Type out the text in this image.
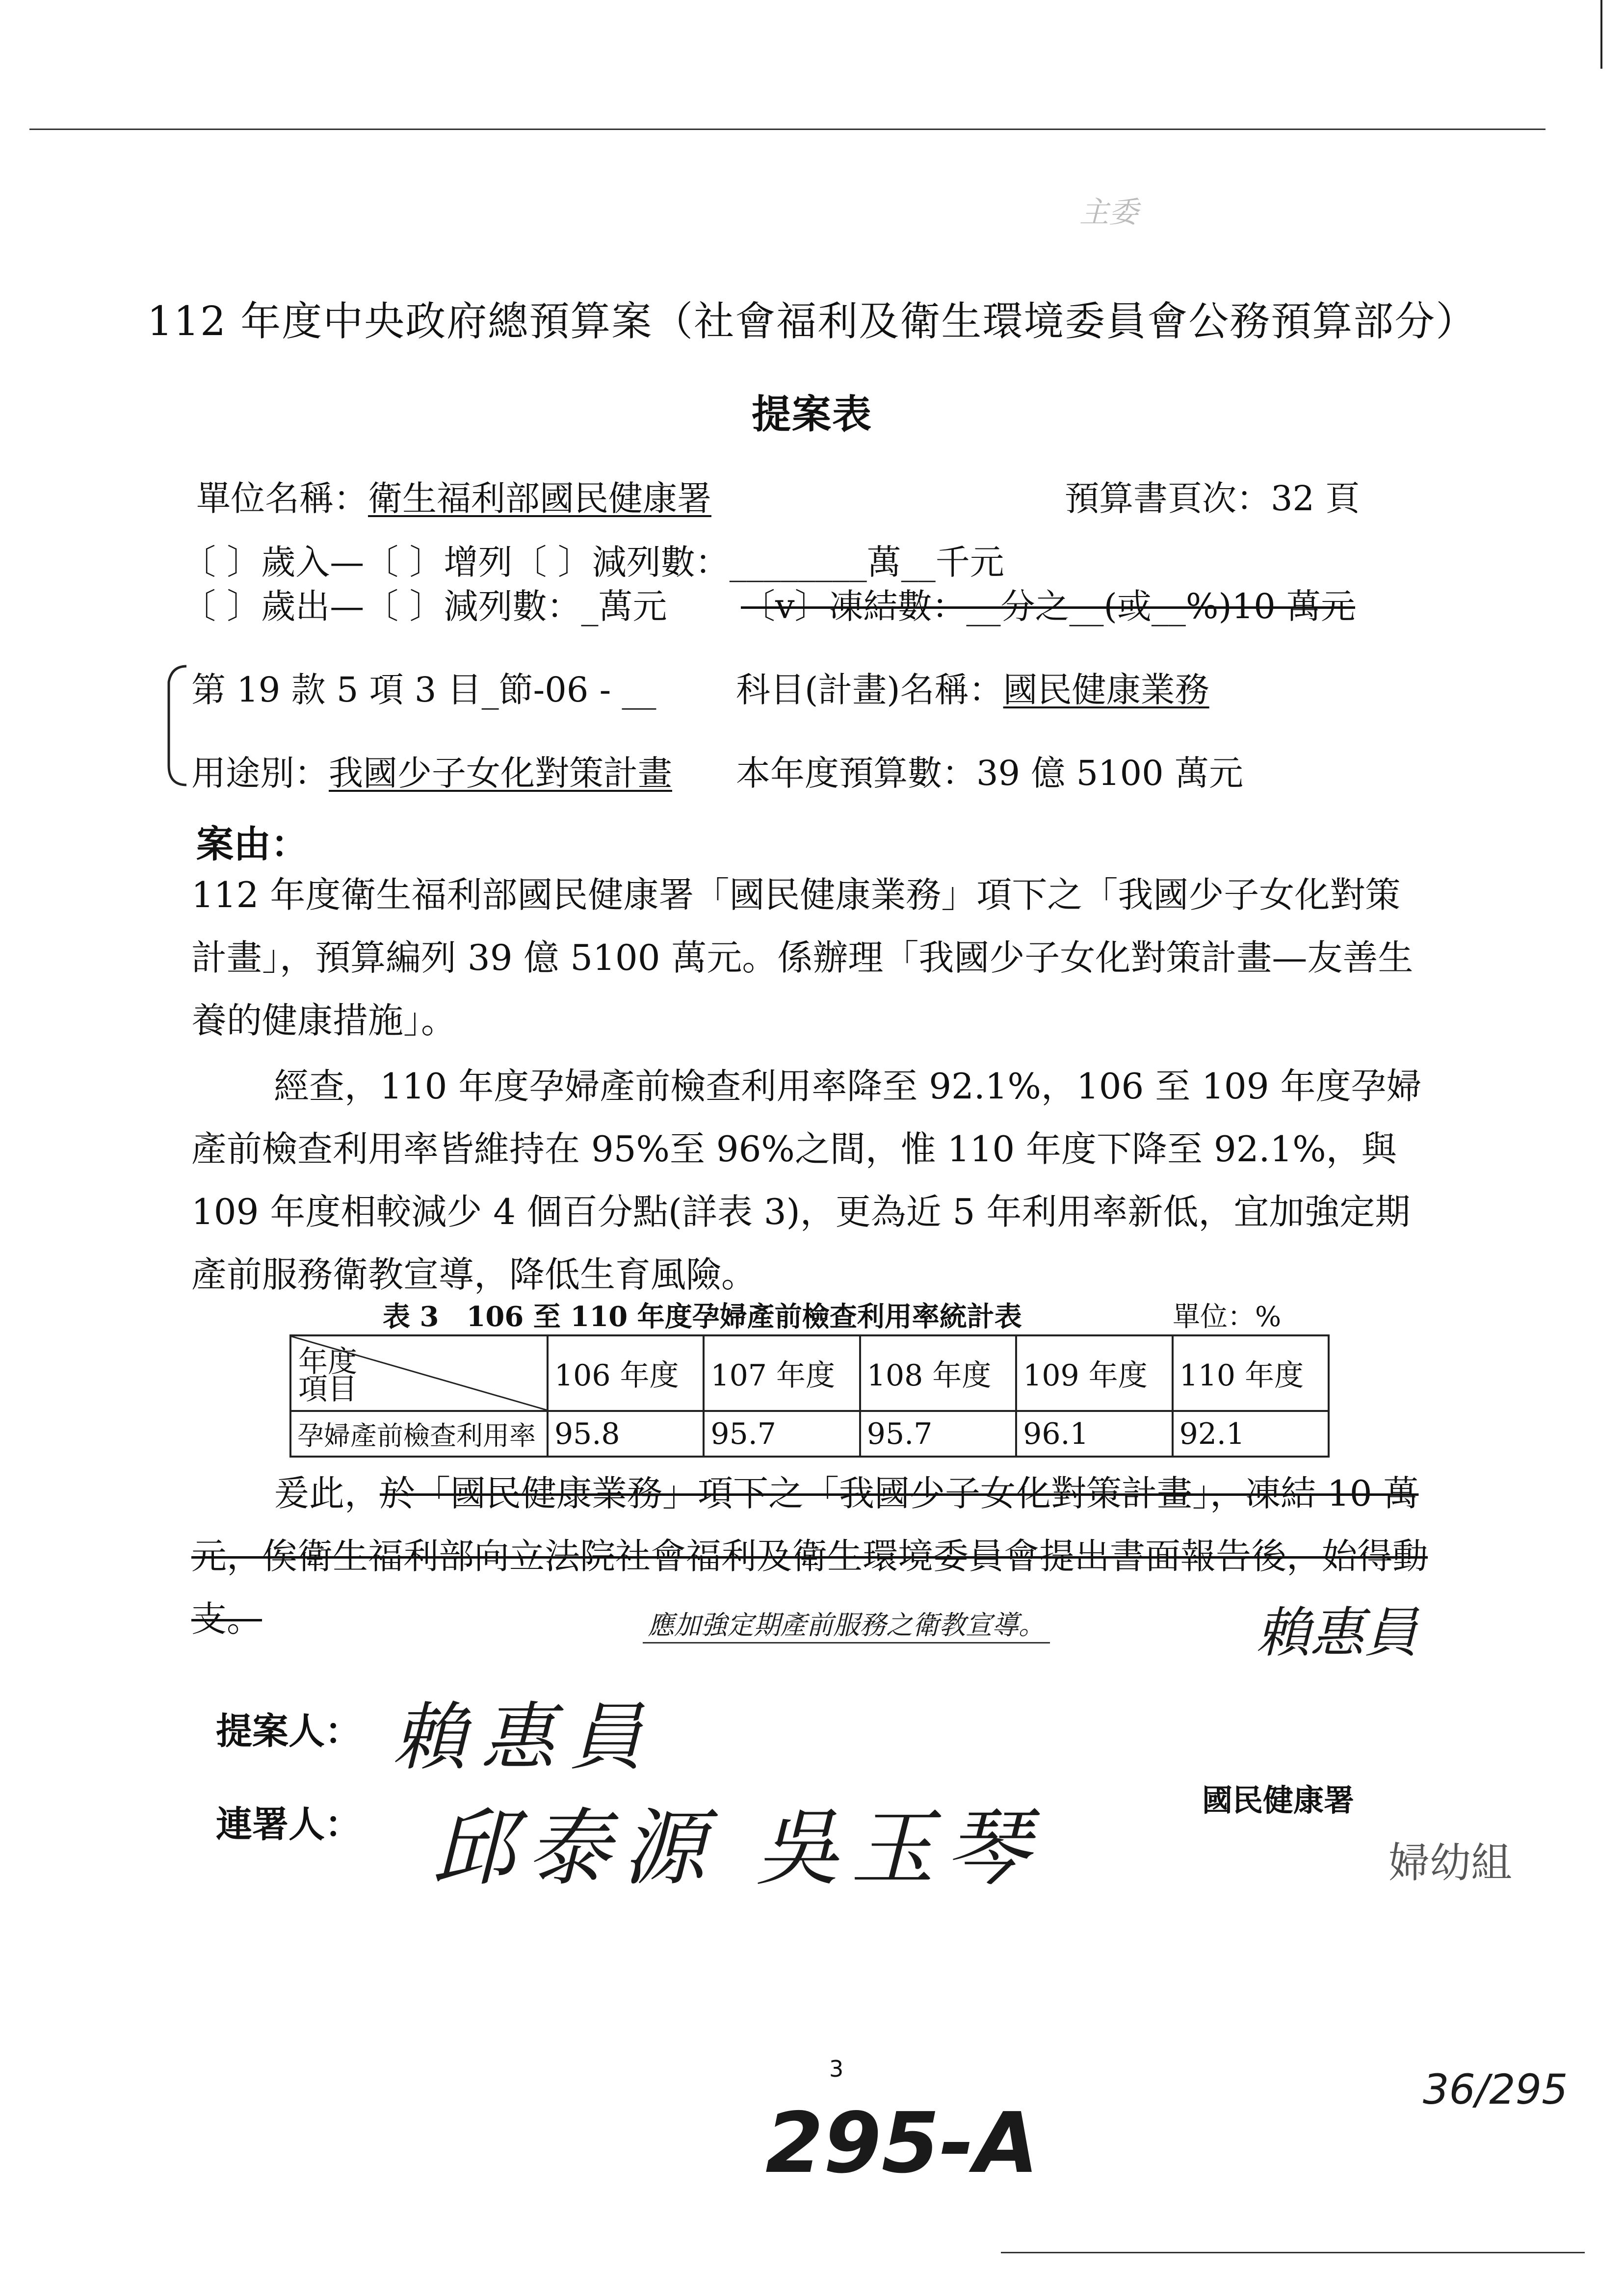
主委
112 年度中央政府總預算案（社會福利及衛生環境委員會公務預算部分）
提案表
單位名稱：衛生福利部國民健康署	預算書頁次：32 頁
〔 〕歲入—〔 〕增列〔 〕減列數：________萬__千元
〔 〕歲出—〔 〕減列數：_萬元 〔v〕凍結數：__分之__(或__%)10 萬元
第 19 款 5 項 3 目_節-06 - __ 科目(計畫)名稱：國民健康業務
用途別：我國少子女化對策計畫 本年度預算數：39 億 5100 萬元
案由：
112 年度衛生福利部國民健康署「國民健康業務」項下之「我國少子女化對策計畫」，預算編列 39 億 5100 萬元。係辦理「我國少子女化對策計畫—友善生養的健康措施」。
經查，110 年度孕婦產前檢查利用率降至 92.1%，106 至 109 年度孕婦產前檢查利用率皆維持在 95%至 96%之間，惟 110 年度下降至 92.1%，與 109 年度相較減少 4 個百分點(詳表 3)，更為近 5 年利用率新低，宜加強定期產前服務衛教宣導，降低生育風險。
表 3　106 至 110 年度孕婦產前檢查利用率統計表	單位：%
年度
項目	106 年度	107 年度	108 年度	109 年度	110 年度
孕婦產前檢查利用率	95.8	95.7	95.7	96.1	92.1
爰此，於「國民健康業務」項下之「我國少子女化對策計畫」，凍結 10 萬元，俟衛生福利部向立法院社會福利及衛生環境委員會提出書面報告後，始得動支。	應加強定期產前服務之衛教宣導。	賴惠員
提案人： 賴惠員
連署人： 邱泰源 吳玉琴	國民健康署
婦幼組
3
295-A
36/295
